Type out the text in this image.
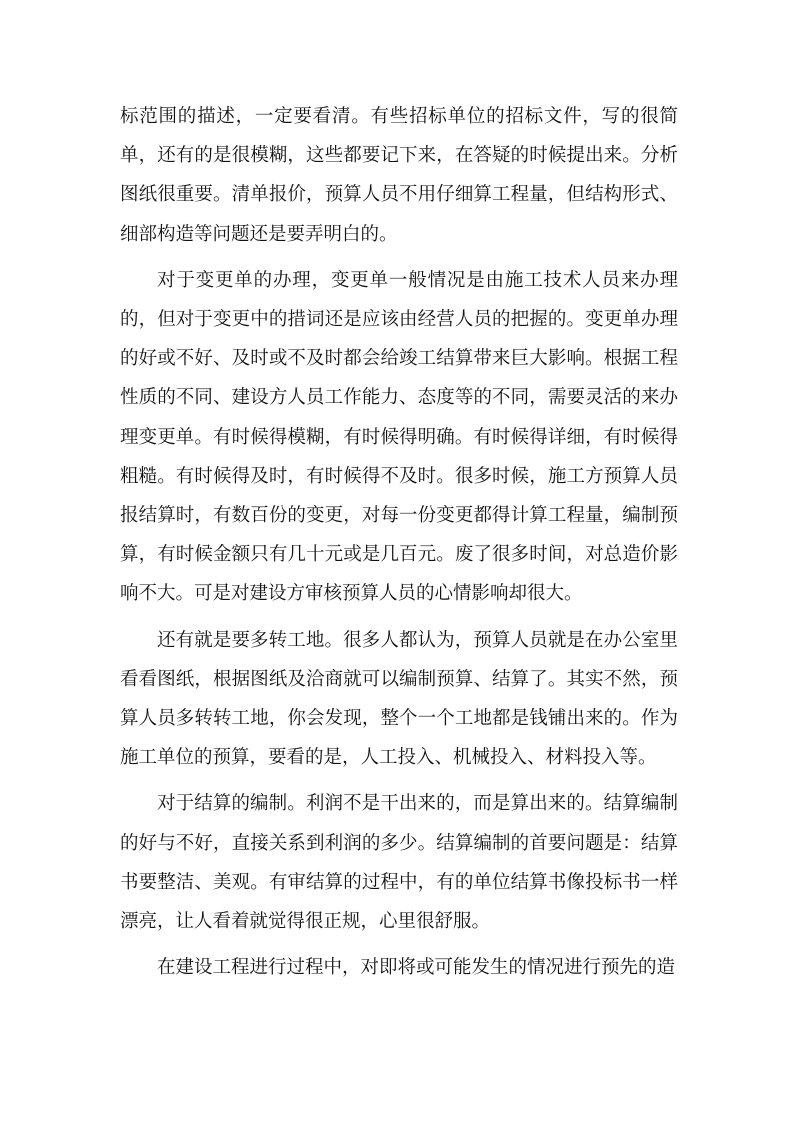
标范围的描述，一定要看清。有些招标单位的招标文件，写的很简单，还有的是很模糊，这些都要记下来，在答疑的时候提出来。分析图纸很重要。清单报价，预算人员不用仔细算工程量，但结构形式、细部构造等问题还是要弄明白的。

对于变更单的办理，变更单一般情况是由施工技术人员来办理的，但对于变更中的措词还是应该由经营人员的把握的。变更单办理的好或不好、及时或不及时都会给竣工结算带来巨大影响。根据工程性质的不同、建设方人员工作能力、态度等的不同，需要灵活的来办理变更单。有时候得模糊，有时候得明确。有时候得详细，有时候得粗糙。有时候得及时，有时候得不及时。很多时候，施工方预算人员报结算时，有数百份的变更，对每一份变更都得计算工程量，编制预算，有时候金额只有几十元或是几百元。废了很多时间，对总造价影响不大。可是对建设方审核预算人员的心情影响却很大。

还有就是要多转工地。很多人都认为，预算人员就是在办公室里看看图纸，根据图纸及洽商就可以编制预算、结算了。其实不然，预算人员多转转工地，你会发现，整个一个工地都是钱铺出来的。作为施工单位的预算，要看的是，人工投入、机械投入、材料投入等。

对于结算的编制。利润不是干出来的，而是算出来的。结算编制的好与不好，直接关系到利润的多少。结算编制的首要问题是：结算书要整洁、美观。有审结算的过程中，有的单位结算书像投标书一样漂亮，让人看着就觉得很正规，心里很舒服。

在建设工程进行过程中，对即将或可能发生的情况进行预先的造
